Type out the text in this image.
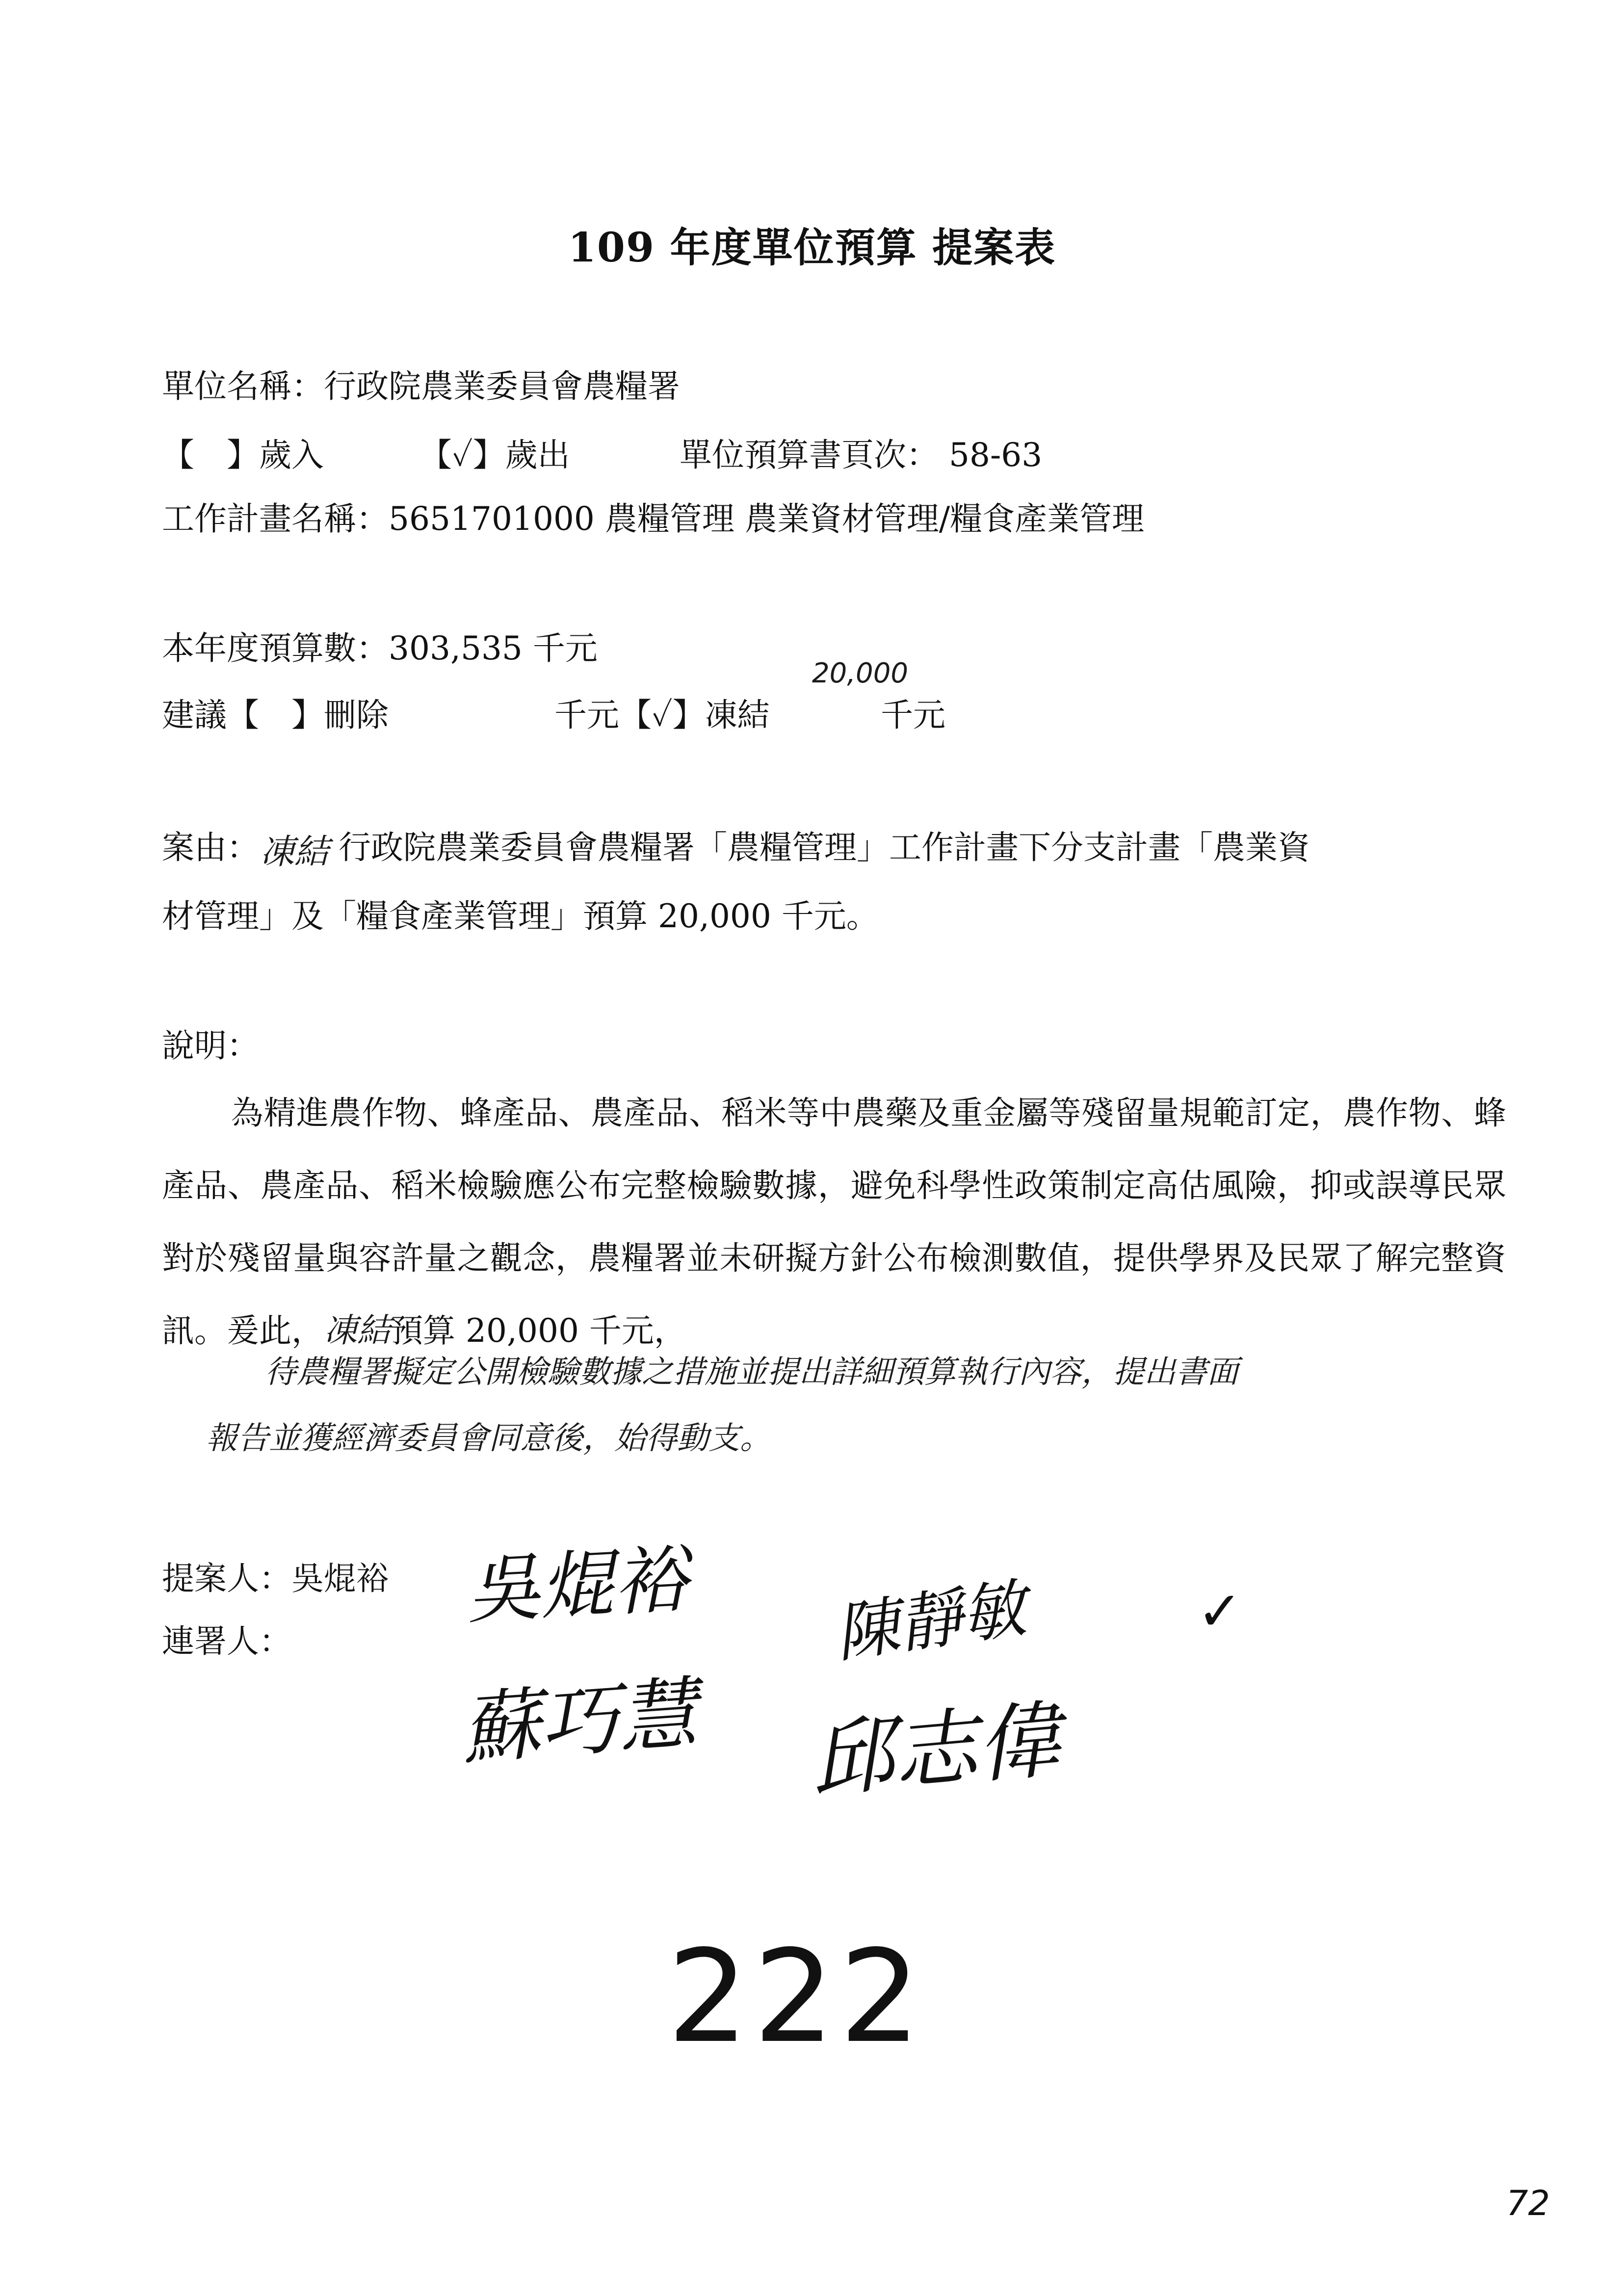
109 年度單位預算 提案表
單位名稱：行政院農業委員會農糧署
【　】歲入	【✓】歲出	單位預算書頁次： 58-63
工作計畫名稱：5651701000 農糧管理 農業資材管理/糧食產業管理
本年度預算數：303,535 千元
建議【　】刪除	千元【✓】凍結
20,000
千元
案由： 凍結 行政院農業委員會農糧署「農糧管理」工作計畫下分支計畫「農業資
材管理」及「糧食產業管理」預算 20,000 千元。
說明：
為精進農作物、蜂產品、農產品、稻米等中農藥及重金屬等殘留量規範訂定，農作物、蜂產品、農產品、稻米檢驗應公布完整檢驗數據，避免科學性政策制定高估風險，抑或誤導民眾對於殘留量與容許量之觀念，農糧署並未研擬方針公布檢測數值，提供學界及民眾了解完整資訊。爰此，凍結預算 20,000 千元，
待農糧署擬定公開檢驗數據之措施並提出詳細預算執行內容，提出書面
報告並獲經濟委員會同意後，始得動支。
提案人：吳焜裕
連署人：
吳焜裕 陳靜敏	✓
蘇巧慧 邱志偉
222
72
